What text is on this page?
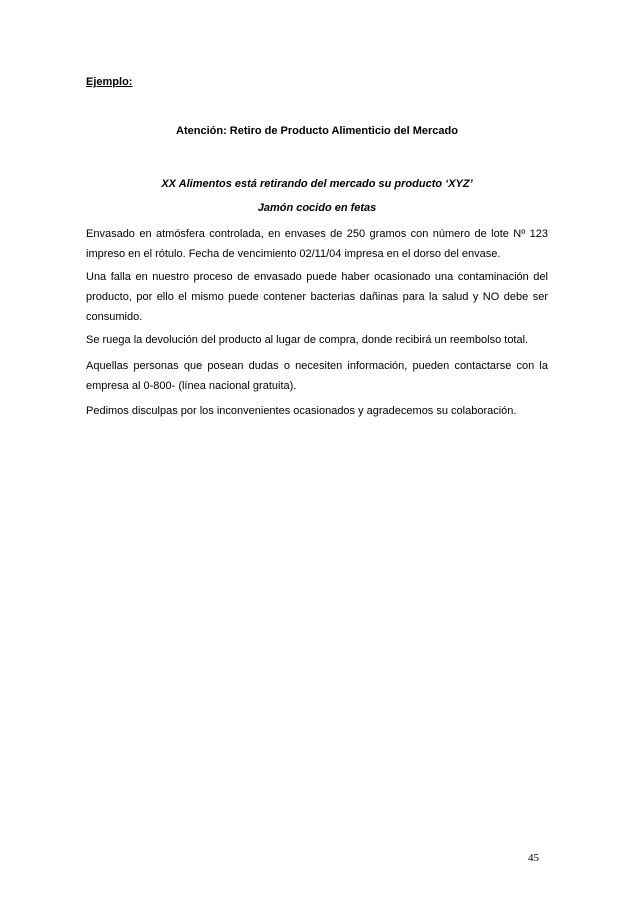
Ejemplo:
Atención: Retiro de Producto Alimenticio del Mercado
XX Alimentos está retirando del mercado su producto ‘XYZ’
Jamón cocido en fetas

Envasado en atmósfera controlada, en envases de 250 gramos con número de lote Nº 123 impreso en el rótulo. Fecha de vencimiento 02/11/04 impresa en el dorso del envase.

Una falla en nuestro proceso de envasado puede haber ocasionado una contaminación del producto, por ello el mismo puede contener bacterias dañinas para la salud y NO debe ser consumido.

Se ruega la devolución del producto al lugar de compra, donde recibirá un reembolso total.

Aquellas personas que posean dudas o necesiten información, pueden contactarse con la empresa al 0-800- (línea nacional gratuita).

Pedimos disculpas por los inconvenientes ocasionados y agradecemos su colaboración.

45
